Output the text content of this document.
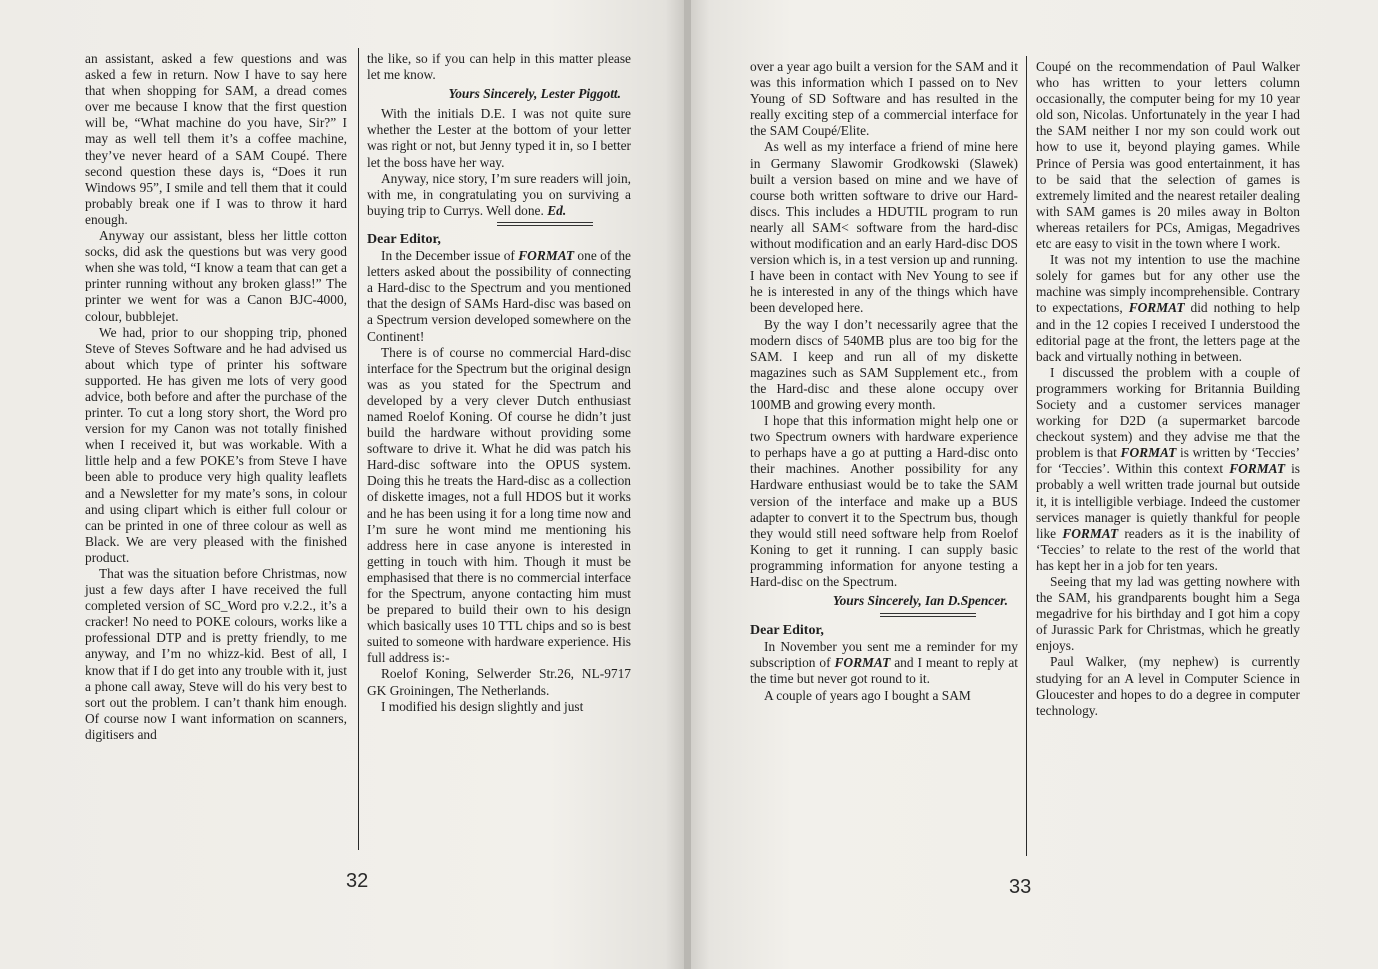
an assistant, asked a few questions and was asked a few in return. Now I have to say here that when shopping for SAM, a dread comes over me because I know that the first question will be, “What machine do you have, Sir?” I may as well tell them it’s a coffee machine, they’ve never heard of a SAM Coupé. There second question these days is, “Does it run Windows 95”, I smile and tell them that it could probably break one if I was to throw it hard enough.

Anyway our assistant, bless her little cotton socks, did ask the questions but was very good when she was told, “I know a team that can get a printer running without any broken glass!” The printer we went for was a Canon BJC-4000, colour, bubblejet.

We had, prior to our shopping trip, phoned Steve of Steves Software and he had advised us about which type of printer his software supported. He has given me lots of very good advice, both before and after the purchase of the printer. To cut a long story short, the Word pro version for my Canon was not totally finished when I received it, but was workable. With a little help and a few POKE’s from Steve I have been able to produce very high quality leaflets and a Newsletter for my mate’s sons, in colour and using clipart which is either full colour or can be printed in one of three colour as well as Black. We are very pleased with the finished product.

That was the situation before Christmas, now just a few days after I have received the full completed version of SC_Word pro v.2.2., it’s a cracker! No need to POKE colours, works like a professional DTP and is pretty friendly, to me anyway, and I’m no whizz-kid. Best of all, I know that if I do get into any trouble with it, just a phone call away, Steve will do his very best to sort out the problem. I can’t thank him enough. Of course now I want information on scanners, digitisers and

the like, so if you can help in this matter please let me know.

Yours Sincerely, Lester Piggott.

With the initials D.E. I was not quite sure whether the Lester at the bottom of your letter was right or not, but Jenny typed it in, so I better let the boss have her way.

Anyway, nice story, I’m sure readers will join, with me, in congratulating you on surviving a buying trip to Currys. Well done. Ed.

Dear Editor,

In the December issue of FORMAT one of the letters asked about the possibility of connecting a Hard-disc to the Spectrum and you mentioned that the design of SAMs Hard-disc was based on a Spectrum version developed somewhere on the Continent!

There is of course no commercial Hard-disc interface for the Spectrum but the original design was as you stated for the Spectrum and developed by a very clever Dutch enthusiast named Roelof Koning. Of course he didn’t just build the hardware without providing some software to drive it. What he did was patch his Hard-disc software into the OPUS system. Doing this he treats the Hard-disc as a collection of diskette images, not a full HDOS but it works and he has been using it for a long time now and I’m sure he wont mind me mentioning his address here in case anyone is interested in getting in touch with him. Though it must be emphasised that there is no commercial interface for the Spectrum, anyone contacting him must be prepared to build their own to his design which basically uses 10 TTL chips and so is best suited to someone with hardware experience. His full address is:-

Roelof Koning, Selwerder Str.26, NL-9717 GK Groiningen, The Netherlands.

I modified his design slightly and just

32

over a year ago built a version for the SAM and it was this information which I passed on to Nev Young of SD Software and has resulted in the really exciting step of a commercial interface for the SAM Coupé/Elite.

As well as my interface a friend of mine here in Germany Slawomir Grodkowski (Slawek) built a version based on mine and we have of course both written software to drive our Hard-discs. This includes a HDUTIL program to run nearly all SAM< software from the hard-disc without modification and an early Hard-disc DOS version which is, in a test version up and running. I have been in contact with Nev Young to see if he is interested in any of the things which have been developed here.

By the way I don’t necessarily agree that the modern discs of 540MB plus are too big for the SAM. I keep and run all of my diskette magazines such as SAM Supplement etc., from the Hard-disc and these alone occupy over 100MB and growing every month.

I hope that this information might help one or two Spectrum owners with hardware experience to perhaps have a go at putting a Hard-disc onto their machines. Another possibility for any Hardware enthusiast would be to take the SAM version of the interface and make up a BUS adapter to convert it to the Spectrum bus, though they would still need software help from Roelof Koning to get it running. I can supply basic programming information for anyone testing a Hard-disc on the Spectrum.

Yours Sincerely, Ian D.Spencer.

Dear Editor,

In November you sent me a reminder for my subscription of FORMAT and I meant to reply at the time but never got round to it.

A couple of years ago I bought a SAM

Coupé on the recommendation of Paul Walker who has written to your letters column occasionally, the computer being for my 10 year old son, Nicolas. Unfortunately in the year I had the SAM neither I nor my son could work out how to use it, beyond playing games. While Prince of Persia was good entertainment, it has to be said that the selection of games is extremely limited and the nearest retailer dealing with SAM games is 20 miles away in Bolton whereas retailers for PCs, Amigas, Megadrives etc are easy to visit in the town where I work.

It was not my intention to use the machine solely for games but for any other use the machine was simply incomprehensible. Contrary to expectations, FORMAT did nothing to help and in the 12 copies I received I understood the editorial page at the front, the letters page at the back and virtually nothing in between.

I discussed the problem with a couple of programmers working for Britannia Building Society and a customer services manager working for D2D (a supermarket barcode checkout system) and they advise me that the problem is that FORMAT is written by ‘Teccies’ for ‘Teccies’. Within this context FORMAT is probably a well written trade journal but outside it, it is intelligible verbiage. Indeed the customer services manager is quietly thankful for people like FORMAT readers as it is the inability of ‘Teccies’ to relate to the rest of the world that has kept her in a job for ten years.

Seeing that my lad was getting nowhere with the SAM, his grandparents bought him a Sega megadrive for his birthday and I got him a copy of Jurassic Park for Christmas, which he greatly enjoys.

Paul Walker, (my nephew) is currently studying for an A level in Computer Science in Gloucester and hopes to do a degree in computer technology.

33
